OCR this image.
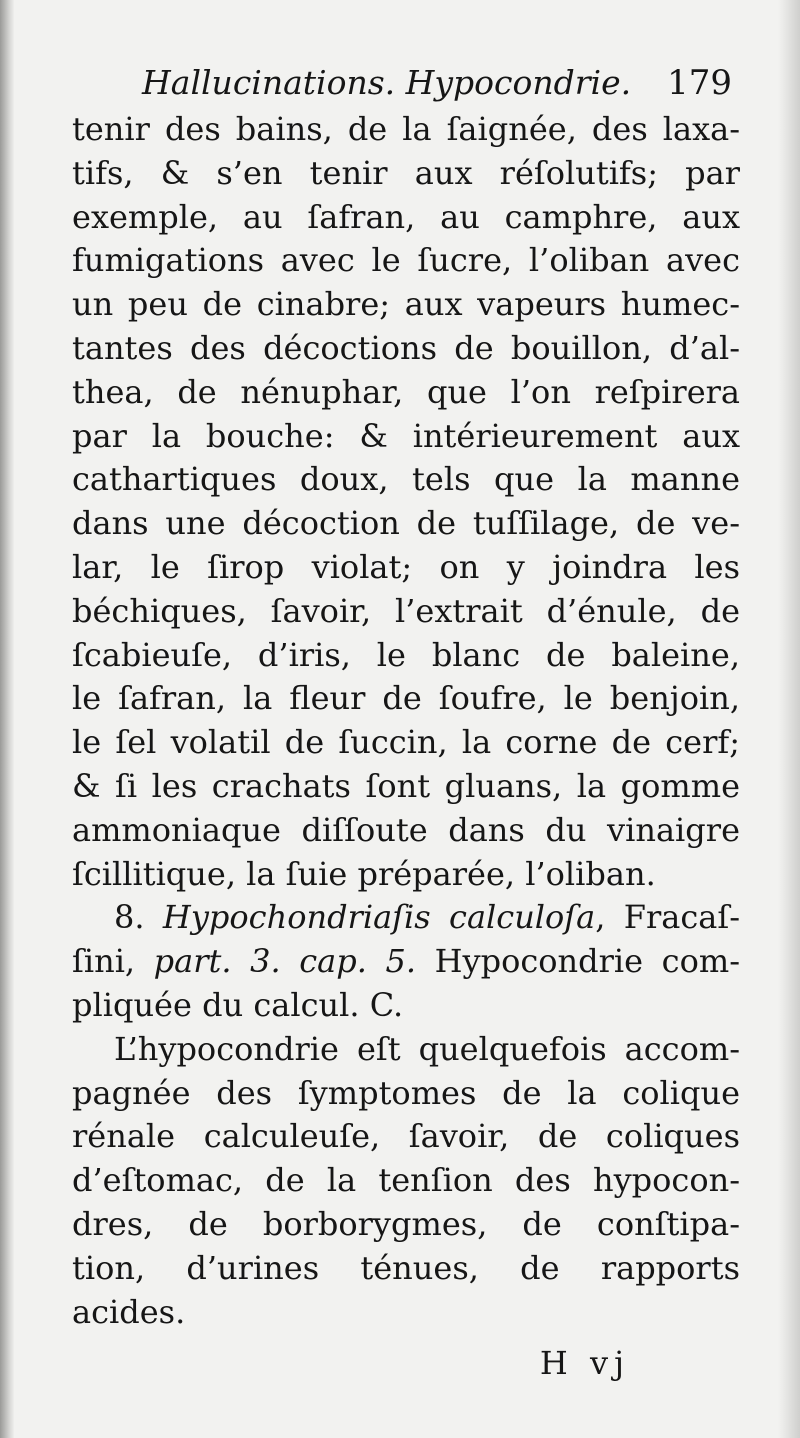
Hallucinations. Hypocondrie. 179
tenir des bains, de la ſaignée, des laxa-
tifs, & s’en tenir aux réſolutifs; par
exemple, au ſafran, au camphre, aux
fumigations avec le ſucre, l’oliban avec
un peu de cinabre; aux vapeurs humec-
tantes des décoctions de bouillon, d’al-
thea, de nénuphar, que l’on reſpirera
par la bouche: & intérieurement aux
cathartiques doux, tels que la manne
dans une décoction de tuſſilage, de ve-
lar, le ſirop violat; on y joindra les
béchiques, ſavoir, l’extrait d’énule, de
ſcabieuſe, d’iris, le blanc de baleine,
le ſafran, la fleur de ſoufre, le benjoin,
le ſel volatil de ſuccin, la corne de cerf;
& ſi les crachats ſont gluans, la gomme
ammoniaque diſſoute dans du vinaigre
ſcillitique, la ſuie préparée, l’oliban.
8. Hypochondriaſis calculoſa, Fracaſ-
ſini, part. 3. cap. 5. Hypocondrie com-
pliquée du calcul. C.
L’hypocondrie eſt quelquefois accom-
pagnée des ſymptomes de la colique
rénale calculeuſe, ſavoir, de coliques
d’eſtomac, de la tenſion des hypocon-
dres, de borborygmes, de conſtipa-
tion, d’urines ténues, de rapports
acides.
H vj
